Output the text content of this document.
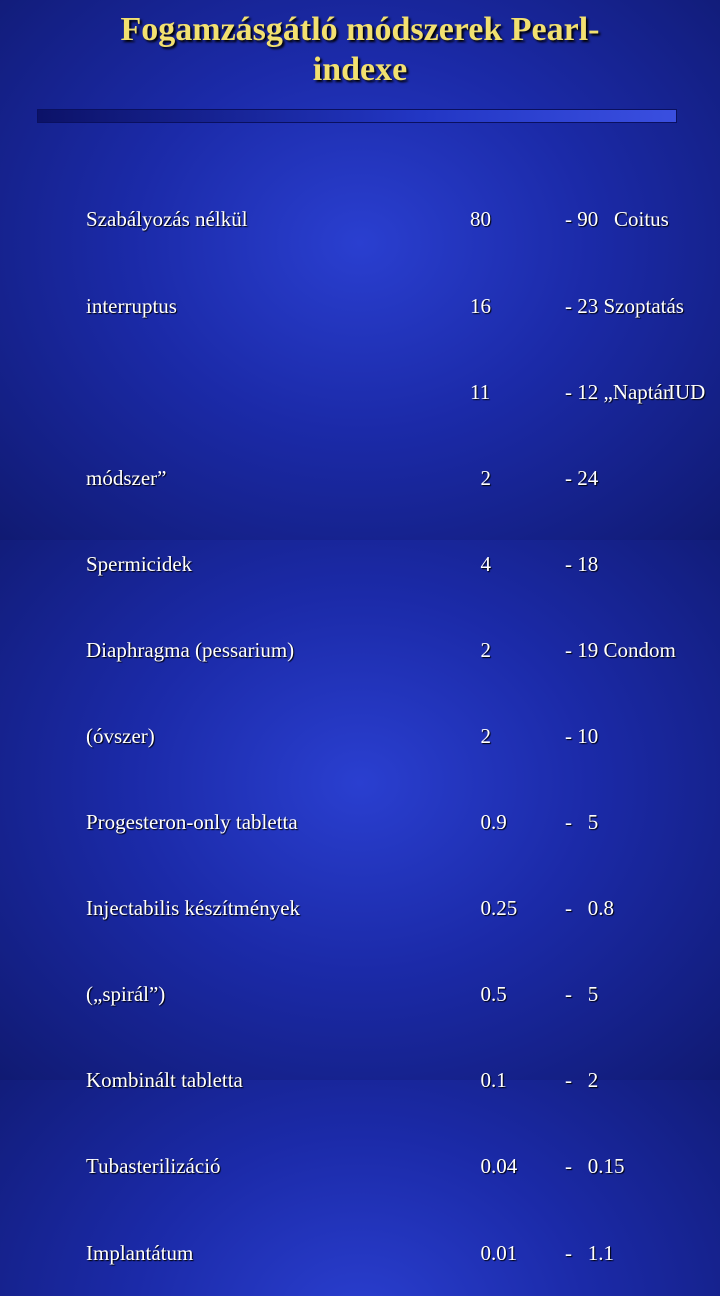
Fogamzásgátló módszerek Pearl-
indexe

Szabályozás nélkül

interruptus

módszer”

Spermicidek

Diaphragma (pessarium)

(óvszer)

Progesteron-only tabletta

Injectabilis készítmények

(„spirál”)

Kombinált tabletta

Tubasterilizáció

Implantátum

80

16

11

2

4

2

2

0.9

0.25

0.5

0.1

0.04

0.01

- 90   Coitus

- 23 Szoptatás

- 12 „Naptár

- 24

- 18

- 19 Condom

- 10

-   5

-   0.8

-   5

-   2

-   0.15

-   1.1

IUD
